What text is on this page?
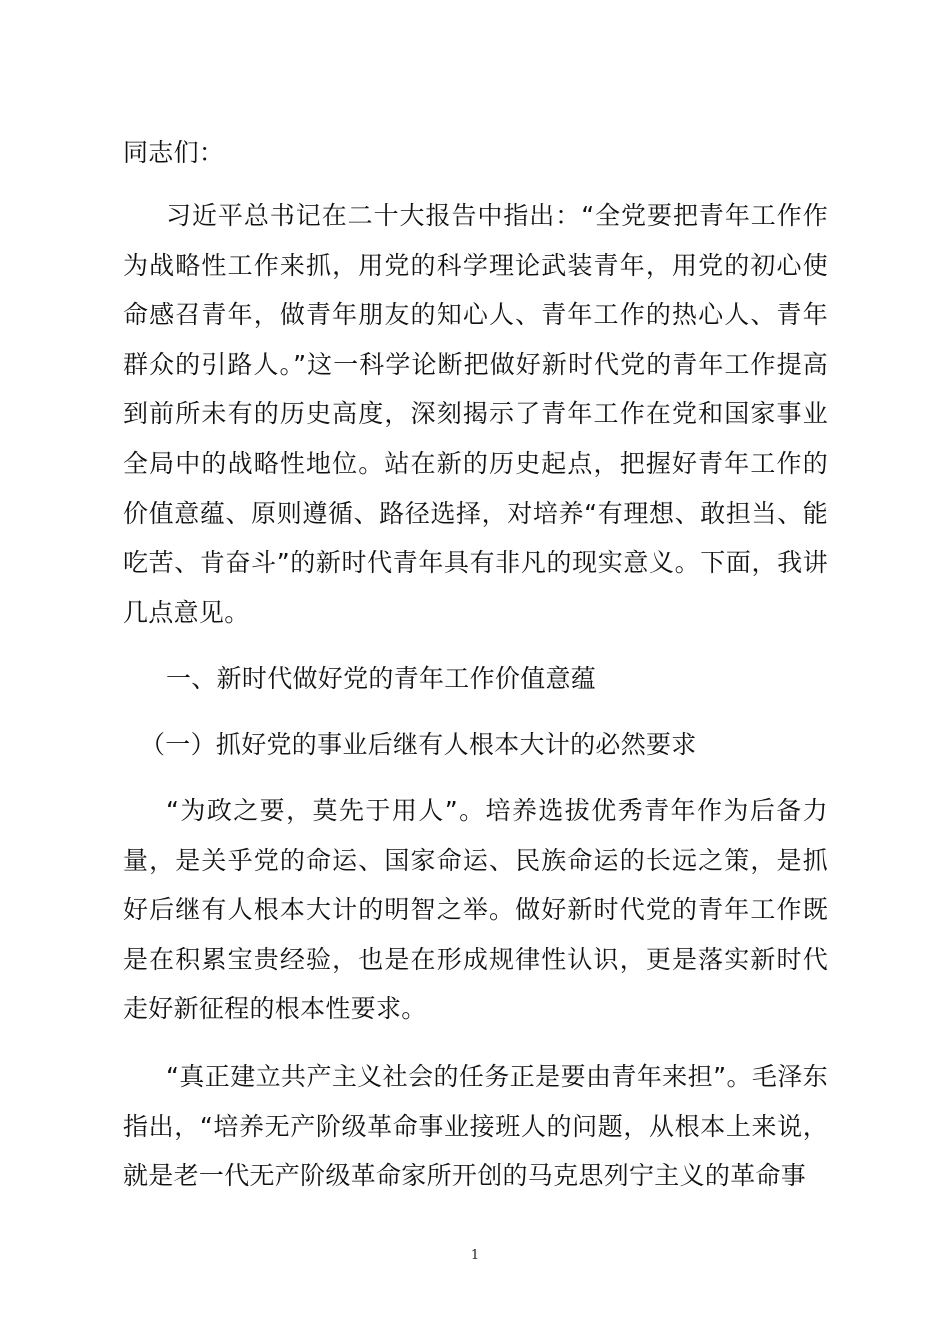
同志们：
习近平总书记在二十大报告中指出：“全党要把青年工作作为战略性工作来抓，用党的科学理论武装青年，用党的初心使命感召青年，做青年朋友的知心人、青年工作的热心人、青年群众的引路人。”这一科学论断把做好新时代党的青年工作提高到前所未有的历史高度，深刻揭示了青年工作在党和国家事业全局中的战略性地位。站在新的历史起点，把握好青年工作的价值意蕴、原则遵循、路径选择，对培养“有理想、敢担当、能吃苦、肯奋斗”的新时代青年具有非凡的现实意义。下面，我讲几点意见。
一、新时代做好党的青年工作价值意蕴
（一）抓好党的事业后继有人根本大计的必然要求
“为政之要，莫先于用人”。培养选拔优秀青年作为后备力量，是关乎党的命运、国家命运、民族命运的长远之策，是抓好后继有人根本大计的明智之举。做好新时代党的青年工作既是在积累宝贵经验，也是在形成规律性认识，更是落实新时代走好新征程的根本性要求。
“真正建立共产主义社会的任务正是要由青年来担”。毛泽东指出，“培养无产阶级革命事业接班人的问题，从根本上来说，就是老一代无产阶级革命家所开创的马克思列宁主义的革命事
1
